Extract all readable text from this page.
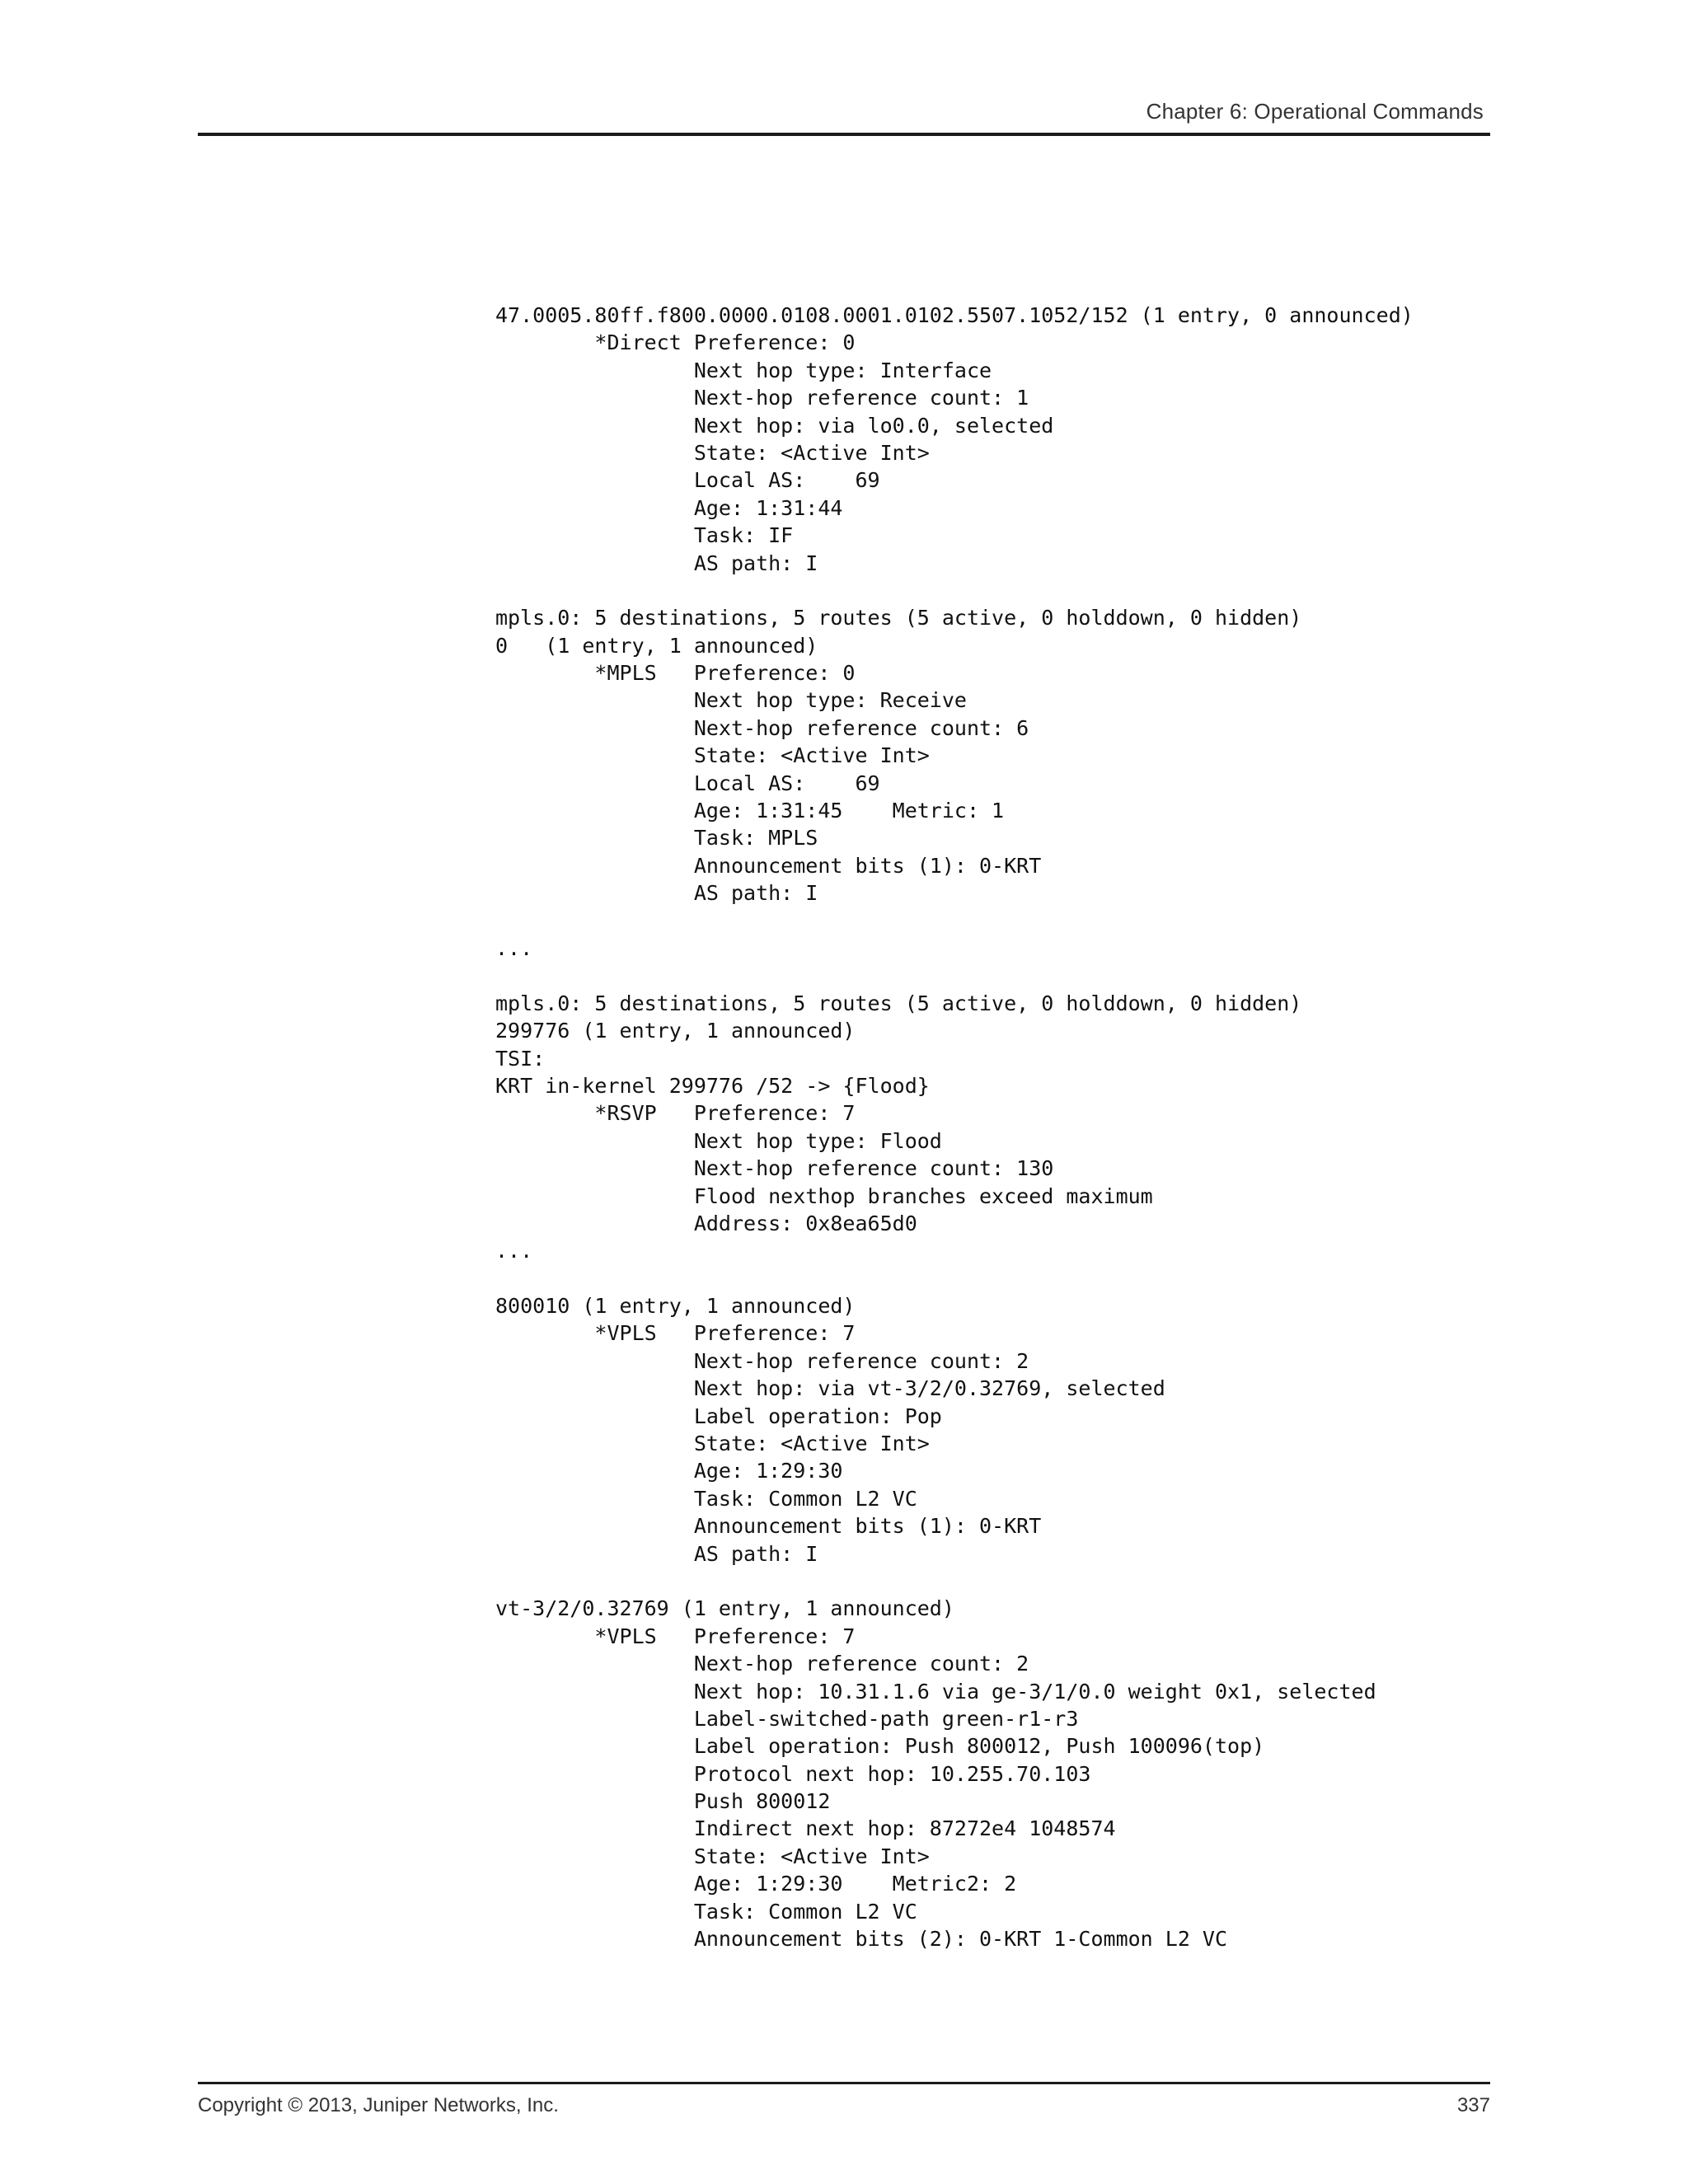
Chapter 6: Operational Commands
47.0005.80ff.f800.0000.0108.0001.0102.5507.1052/152 (1 entry, 0 announced)
*Direct Preference: 0
Next hop type: Interface
Next-hop reference count: 1
Next hop: via lo0.0, selected
State: <Active Int>
Local AS:    69
Age: 1:31:44
Task: IF
AS path: I
mpls.0: 5 destinations, 5 routes (5 active, 0 holddown, 0 hidden)
0   (1 entry, 1 announced)
*MPLS   Preference: 0
Next hop type: Receive
Next-hop reference count: 6
State: <Active Int>
Local AS:    69
Age: 1:31:45    Metric: 1
Task: MPLS
Announcement bits (1): 0-KRT
AS path: I
...
mpls.0: 5 destinations, 5 routes (5 active, 0 holddown, 0 hidden)
299776 (1 entry, 1 announced)
TSI:
KRT in-kernel 299776 /52 -> {Flood}
*RSVP   Preference: 7
Next hop type: Flood
Next-hop reference count: 130
Flood nexthop branches exceed maximum
Address: 0x8ea65d0
...
800010 (1 entry, 1 announced)
*VPLS   Preference: 7
Next-hop reference count: 2
Next hop: via vt-3/2/0.32769, selected
Label operation: Pop
State: <Active Int>
Age: 1:29:30
Task: Common L2 VC
Announcement bits (1): 0-KRT
AS path: I
vt-3/2/0.32769 (1 entry, 1 announced)
*VPLS   Preference: 7
Next-hop reference count: 2
Next hop: 10.31.1.6 via ge-3/1/0.0 weight 0x1, selected
Label-switched-path green-r1-r3
Label operation: Push 800012, Push 100096(top)
Protocol next hop: 10.255.70.103
Push 800012
Indirect next hop: 87272e4 1048574
State: <Active Int>
Age: 1:29:30    Metric2: 2
Task: Common L2 VC
Announcement bits (2): 0-KRT 1-Common L2 VC
Copyright © 2013, Juniper Networks, Inc.	337
